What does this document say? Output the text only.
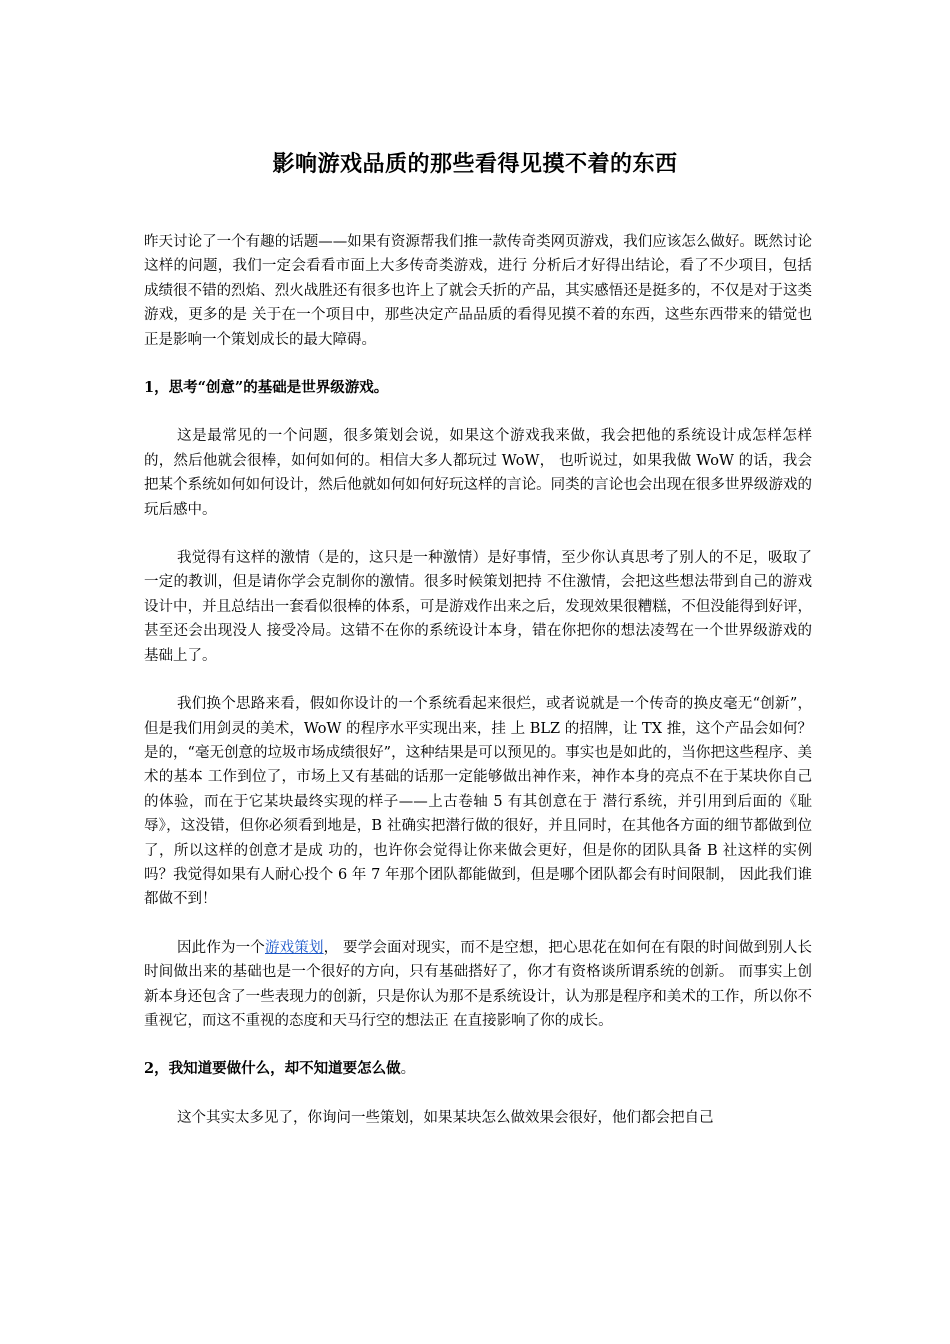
影响游戏品质的那些看得见摸不着的东西

昨天讨论了一个有趣的话题——如果有资源帮我们推一款传奇类网页游戏，我们应该怎么做好。既然讨论这样的问题，我们一定会看看市面上大多传奇类游戏，进行 分析后才好得出结论，看了不少项目，包括成绩很不错的烈焰、烈火战胜还有很多也许上了就会夭折的产品，其实感悟还是挺多的，不仅是对于这类游戏，更多的是 关于在一个项目中，那些决定产品品质的看得见摸不着的东西，这些东西带来的错觉也正是影响一个策划成长的最大障碍。

1，思考“创意”的基础是世界级游戏。

这是最常见的一个问题，很多策划会说，如果这个游戏我来做，我会把他的系统设计成怎样怎样的，然后他就会很棒，如何如何的。相信大多人都玩过 WoW， 也听说过，如果我做 WoW 的话，我会把某个系统如何如何设计，然后他就如何如何好玩这样的言论。同类的言论也会出现在很多世界级游戏的玩后感中。

我觉得有这样的激情（是的，这只是一种激情）是好事情，至少你认真思考了别人的不足，吸取了一定的教训，但是请你学会克制你的激情。很多时候策划把持 不住激情，会把这些想法带到自己的游戏设计中，并且总结出一套看似很棒的体系，可是游戏作出来之后，发现效果很糟糕，不但没能得到好评，甚至还会出现没人 接受冷局。这错不在你的系统设计本身，错在你把你的想法凌驾在一个世界级游戏的基础上了。

我们换个思路来看，假如你设计的一个系统看起来很烂，或者说就是一个传奇的换皮毫无“创新”，但是我们用剑灵的美术，WoW 的程序水平实现出来，挂 上 BLZ 的招牌，让 TX 推，这个产品会如何？是的，“毫无创意的垃圾市场成绩很好”，这种结果是可以预见的。事实也是如此的，当你把这些程序、美术的基本 工作到位了，市场上又有基础的话那一定能够做出神作来，神作本身的亮点不在于某块你自己的体验，而在于它某块最终实现的样子——上古卷轴 5 有其创意在于 潜行系统，并引用到后面的《耻辱》，这没错，但你必须看到地是，B 社确实把潜行做的很好，并且同时，在其他各方面的细节都做到位了，所以这样的创意才是成 功的，也许你会觉得让你来做会更好，但是你的团队具备 B 社这样的实例吗？我觉得如果有人耐心投个 6 年 7 年那个团队都能做到，但是哪个团队都会有时间限制， 因此我们谁都做不到！

因此作为一个游戏策划， 要学会面对现实，而不是空想，把心思花在如何在有限的时间做到别人长时间做出来的基础也是一个很好的方向，只有基础搭好了，你才有资格谈所谓系统的创新。 而事实上创新本身还包含了一些表现力的创新，只是你认为那不是系统设计，认为那是程序和美术的工作，所以你不重视它，而这不重视的态度和天马行空的想法正 在直接影响了你的成长。

2，我知道要做什么，却不知道要怎么做。

这个其实太多见了，你询问一些策划，如果某块怎么做效果会很好，他们都会把自己
